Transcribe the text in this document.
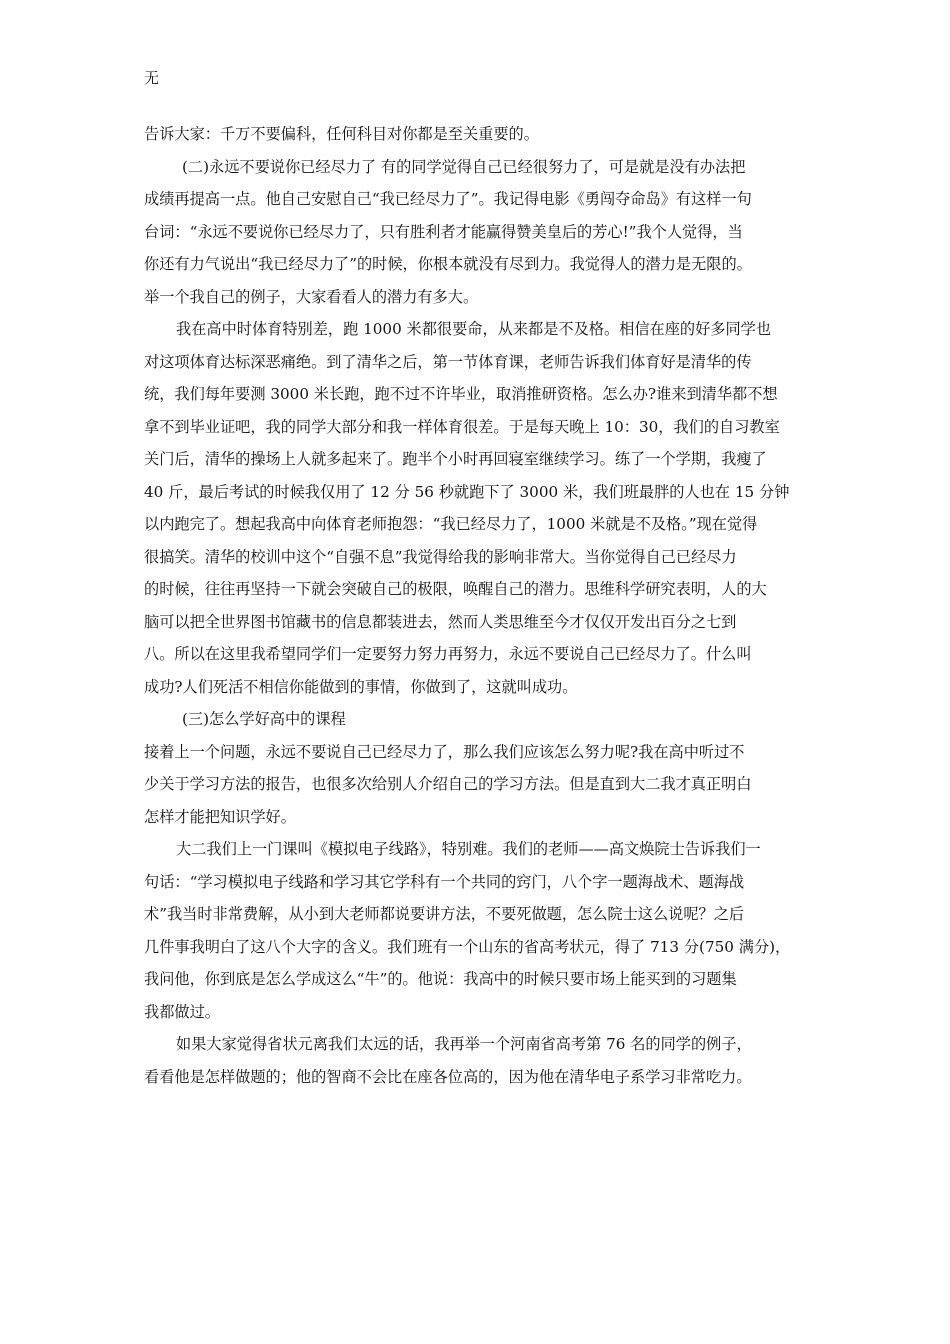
无
告诉大家：千万不要偏科，任何科目对你都是至关重要的。
(二)永远不要说你已经尽力了 有的同学觉得自己已经很努力了，可是就是没有办法把
成绩再提高一点。他自己安慰自己“我已经尽力了”。我记得电影《勇闯夺命岛》有这样一句
台词：“永远不要说你已经尽力了，只有胜利者才能赢得赞美皇后的芳心!”我个人觉得，当
你还有力气说出“我已经尽力了”的时候，你根本就没有尽到力。我觉得人的潜力是无限的。
举一个我自己的例子，大家看看人的潜力有多大。
我在高中时体育特别差，跑 1000 米都很要命，从来都是不及格。相信在座的好多同学也
对这项体育达标深恶痛绝。到了清华之后，第一节体育课，老师告诉我们体育好是清华的传
统，我们每年要测 3000 米长跑，跑不过不许毕业，取消推研资格。怎么办?谁来到清华都不想
拿不到毕业证吧，我的同学大部分和我一样体育很差。于是每天晚上 10：30，我们的自习教室
关门后，清华的操场上人就多起来了。跑半个小时再回寝室继续学习。练了一个学期，我瘦了
40 斤，最后考试的时候我仅用了 12 分 56 秒就跑下了 3000 米，我们班最胖的人也在 15 分钟
以内跑完了。想起我高中向体育老师抱怨：“我已经尽力了，1000 米就是不及格。”现在觉得
很搞笑。清华的校训中这个“自强不息”我觉得给我的影响非常大。当你觉得自己已经尽力
的时候，往往再坚持一下就会突破自己的极限，唤醒自己的潜力。思维科学研究表明，人的大
脑可以把全世界图书馆藏书的信息都装进去，然而人类思维至今才仅仅开发出百分之七到
八。所以在这里我希望同学们一定要努力努力再努力，永远不要说自己已经尽力了。什么叫
成功?人们死活不相信你能做到的事情，你做到了，这就叫成功。
(三)怎么学好高中的课程
接着上一个问题，永远不要说自己已经尽力了，那么我们应该怎么努力呢?我在高中听过不
少关于学习方法的报告，也很多次给别人介绍自己的学习方法。但是直到大二我才真正明白
怎样才能把知识学好。
大二我们上一门课叫《模拟电子线路》，特别难。我们的老师——高文焕院士告诉我们一
句话：“学习模拟电子线路和学习其它学科有一个共同的窍门，八个字一题海战术、题海战
术”我当时非常费解，从小到大老师都说要讲方法，不要死做题，怎么院士这么说呢？之后
几件事我明白了这八个大字的含义。我们班有一个山东的省高考状元，得了 713 分(750 满分)，
我问他，你到底是怎么学成这么“牛”的。他说：我高中的时候只要市场上能买到的习题集
我都做过。
如果大家觉得省状元离我们太远的话，我再举一个河南省高考第 76 名的同学的例子，
看看他是怎样做题的；他的智商不会比在座各位高的，因为他在清华电子系学习非常吃力。
